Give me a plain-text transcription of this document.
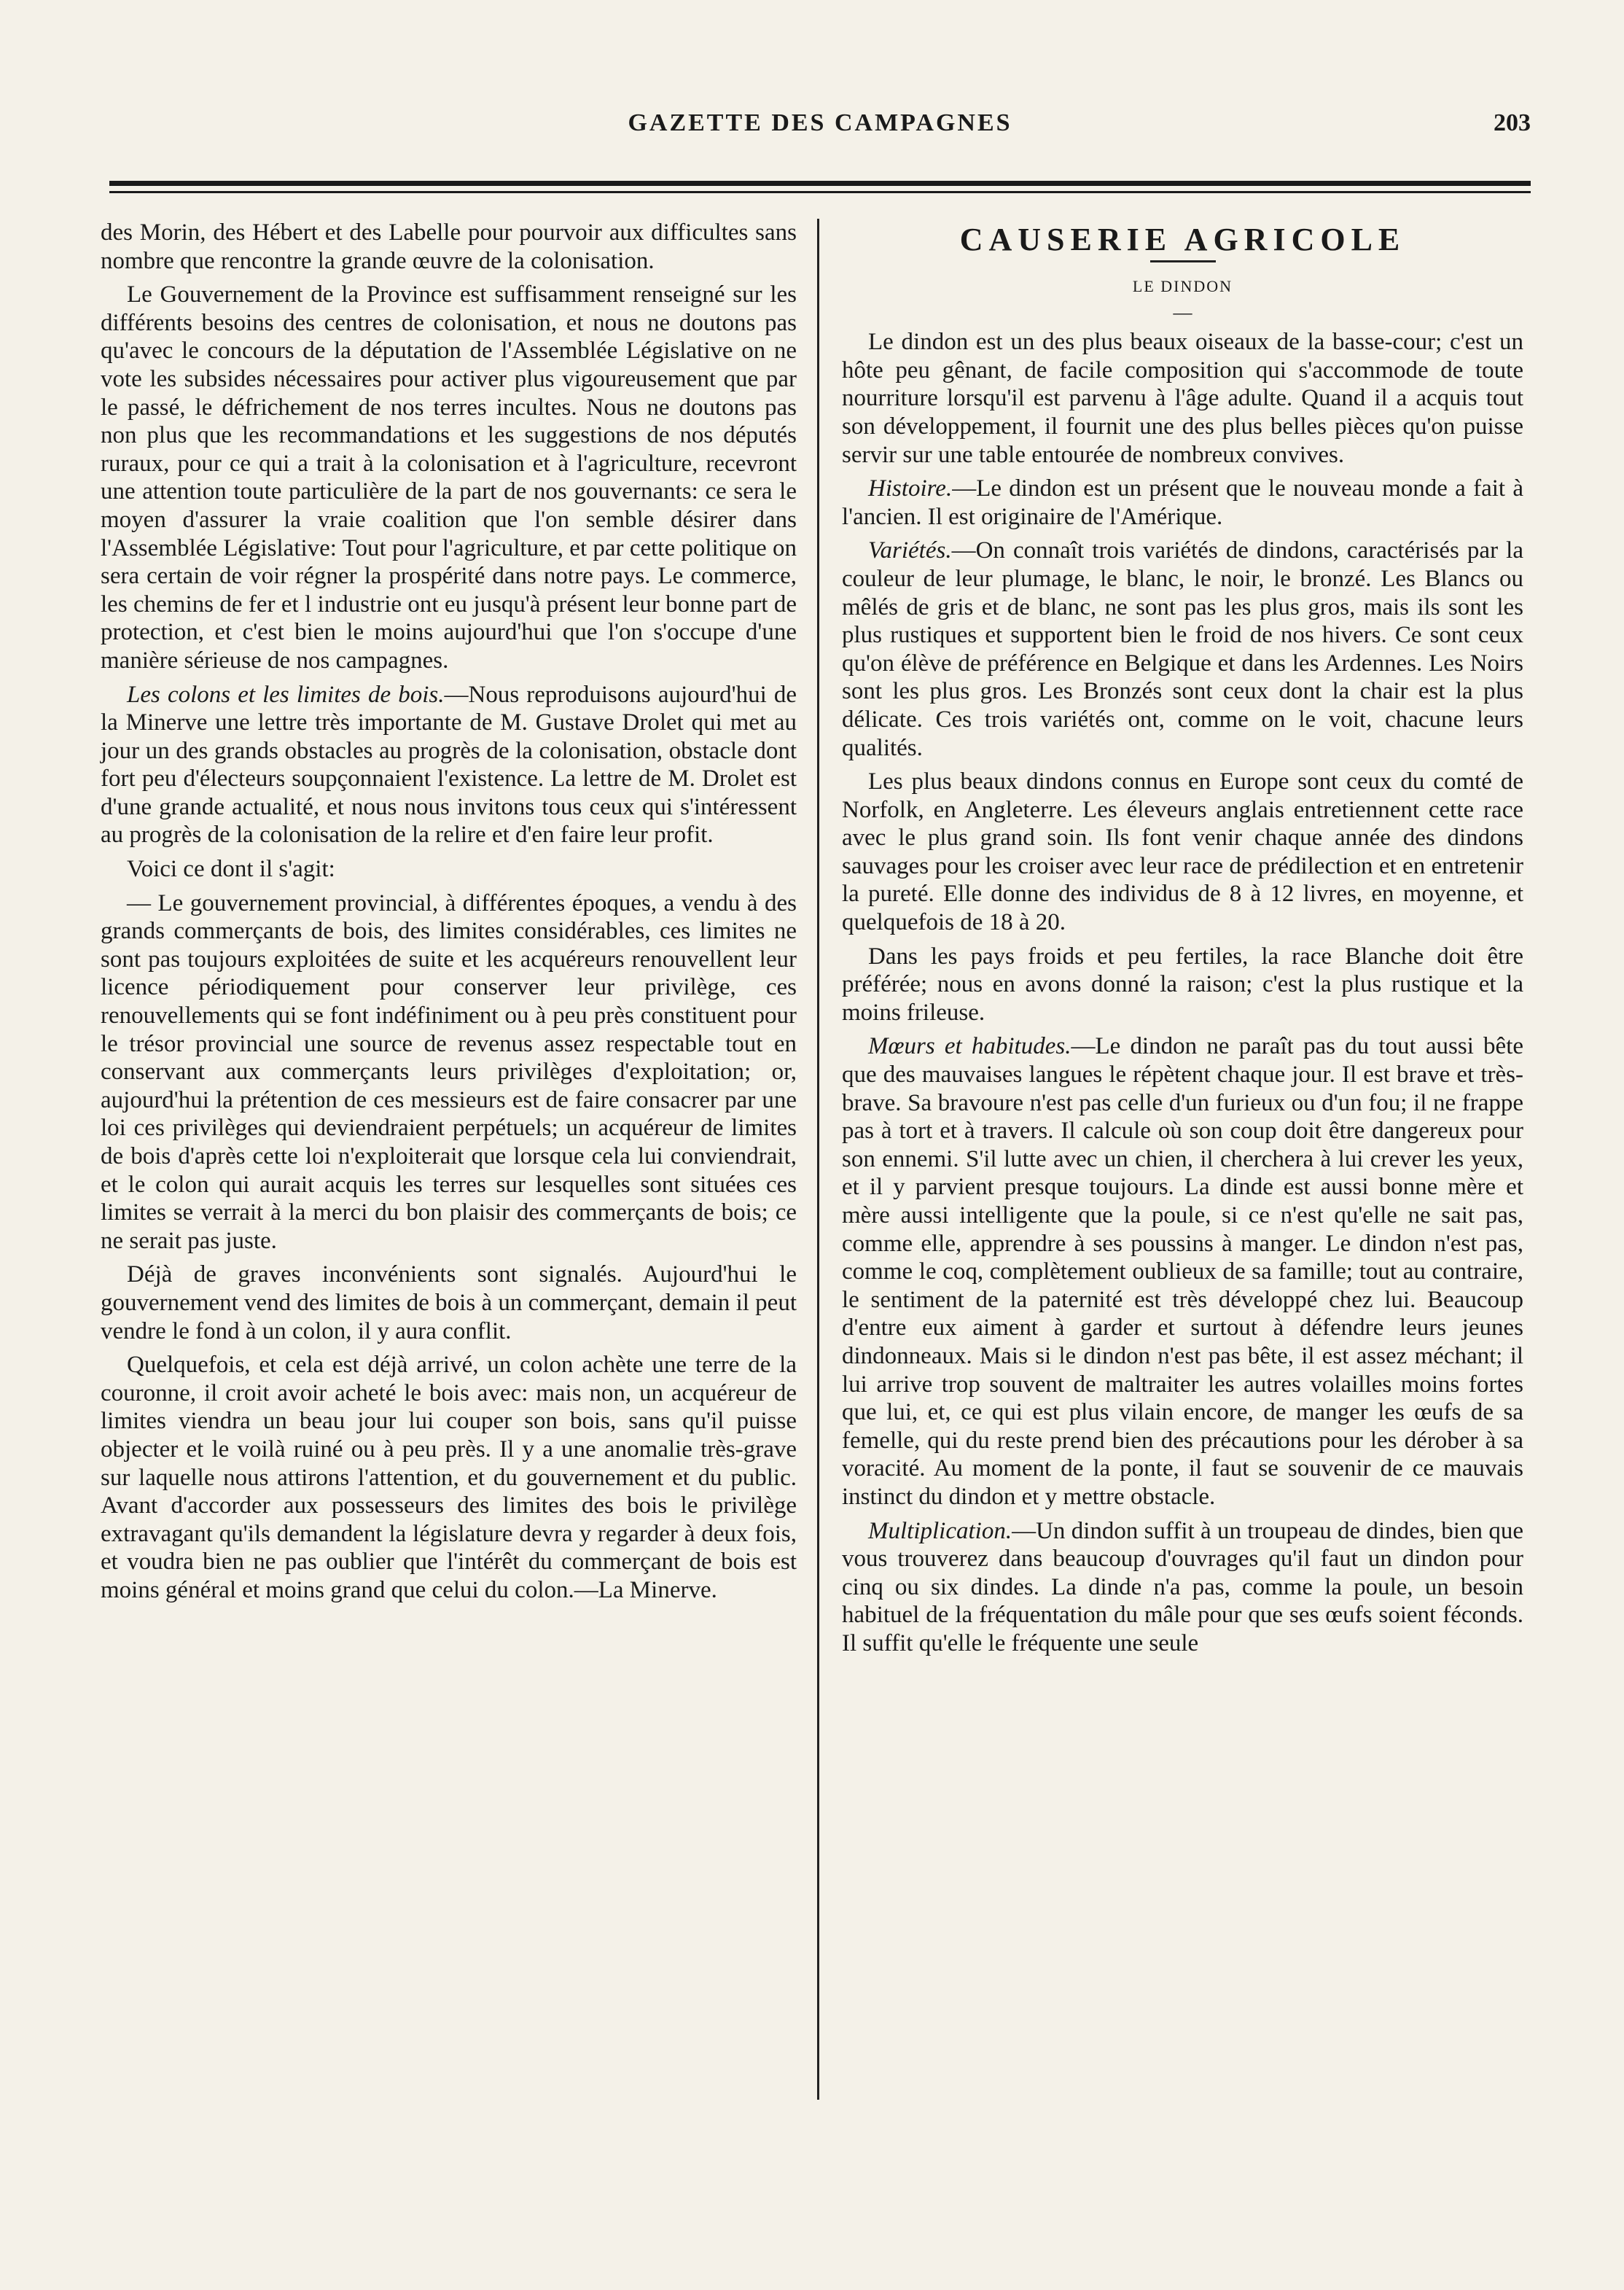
GAZETTE DES CAMPAGNES	203

des Morin, des Hébert et des Labelle pour pourvoir aux difficultes sans nombre que rencontre la grande œuvre de la colonisation.

Le Gouvernement de la Province est suffisamment renseigné sur les différents besoins des centres de colonisation, et nous ne doutons pas qu'avec le concours de la députation de l'Assemblée Législative on ne vote les subsides nécessaires pour activer plus vigoureusement que par le passé, le défrichement de nos terres incultes. Nous ne doutons pas non plus que les recommandations et les suggestions de nos députés ruraux, pour ce qui a trait à la colonisation et à l'agriculture, recevront une attention toute particulière de la part de nos gouvernants: ce sera le moyen d'assurer la vraie coalition que l'on semble désirer dans l'Assemblée Législative: Tout pour l'agriculture, et par cette politique on sera certain de voir régner la prospérité dans notre pays. Le commerce, les chemins de fer et l industrie ont eu jusqu'à présent leur bonne part de protection, et c'est bien le moins aujourd'hui que l'on s'occupe d'une manière sérieuse de nos campagnes.

Les colons et les limites de bois.—Nous reproduisons aujourd'hui de la Minerve une lettre très importante de M. Gustave Drolet qui met au jour un des grands obstacles au progrès de la colonisation, obstacle dont fort peu d'électeurs soupçonnaient l'existence. La lettre de M. Drolet est d'une grande actualité, et nous nous invitons tous ceux qui s'intéressent au progrès de la colonisation de la relire et d'en faire leur profit.

Voici ce dont il s'agit:

— Le gouvernement provincial, à différentes époques, a vendu à des grands commerçants de bois, des limites considérables, ces limites ne sont pas toujours exploitées de suite et les acquéreurs renouvellent leur licence périodiquement pour conserver leur privilège, ces renouvellements qui se font indéfiniment ou à peu près constituent pour le trésor provincial une source de revenus assez respectable tout en conservant aux commerçants leurs privilèges d'exploitation; or, aujourd'hui la prétention de ces messieurs est de faire consacrer par une loi ces privilèges qui deviendraient perpétuels; un acquéreur de limites de bois d'après cette loi n'exploiterait que lorsque cela lui conviendrait, et le colon qui aurait acquis les terres sur lesquelles sont situées ces limites se verrait à la merci du bon plaisir des commerçants de bois; ce ne serait pas juste.

Déjà de graves inconvénients sont signalés. Aujourd'hui le gouvernement vend des limites de bois à un commerçant, demain il peut vendre le fond à un colon, il y aura conflit.

Quelquefois, et cela est déjà arrivé, un colon achète une terre de la couronne, il croit avoir acheté le bois avec: mais non, un acquéreur de limites viendra un beau jour lui couper son bois, sans qu'il puisse objecter et le voilà ruiné ou à peu près. Il y a une anomalie très-grave sur laquelle nous attirons l'attention, et du gouvernement et du public. Avant d'accorder aux possesseurs des limites des bois le privilège extravagant qu'ils demandent la législature devra y regarder à deux fois, et voudra bien ne pas oublier que l'intérêt du commerçant de bois est moins général et moins grand que celui du colon.—La Minerve.

CAUSERIE AGRICOLE
LE DINDON
—

Le dindon est un des plus beaux oiseaux de la basse-cour; c'est un hôte peu gênant, de facile composition qui s'accommode de toute nourriture lorsqu'il est parvenu à l'âge adulte. Quand il a acquis tout son développement, il fournit une des plus belles pièces qu'on puisse servir sur une table entourée de nombreux convives.

Histoire.—Le dindon est un présent que le nouveau monde a fait à l'ancien. Il est originaire de l'Amérique.

Variétés.—On connaît trois variétés de dindons, caractérisés par la couleur de leur plumage, le blanc, le noir, le bronzé. Les Blancs ou mêlés de gris et de blanc, ne sont pas les plus gros, mais ils sont les plus rustiques et supportent bien le froid de nos hivers. Ce sont ceux qu'on élève de préférence en Belgique et dans les Ardennes. Les Noirs sont les plus gros. Les Bronzés sont ceux dont la chair est la plus délicate. Ces trois variétés ont, comme on le voit, chacune leurs qualités.

Les plus beaux dindons connus en Europe sont ceux du comté de Norfolk, en Angleterre. Les éleveurs anglais entretiennent cette race avec le plus grand soin. Ils font venir chaque année des dindons sauvages pour les croiser avec leur race de prédilection et en entretenir la pureté. Elle donne des individus de 8 à 12 livres, en moyenne, et quelquefois de 18 à 20.

Dans les pays froids et peu fertiles, la race Blanche doit être préférée; nous en avons donné la raison; c'est la plus rustique et la moins frileuse.

Mœurs et habitudes.—Le dindon ne paraît pas du tout aussi bête que des mauvaises langues le répètent chaque jour. Il est brave et très-brave. Sa bravoure n'est pas celle d'un furieux ou d'un fou; il ne frappe pas à tort et à travers. Il calcule où son coup doit être dangereux pour son ennemi. S'il lutte avec un chien, il cherchera à lui crever les yeux, et il y parvient presque toujours. La dinde est aussi bonne mère et mère aussi intelligente que la poule, si ce n'est qu'elle ne sait pas, comme elle, apprendre à ses poussins à manger. Le dindon n'est pas, comme le coq, complètement oublieux de sa famille; tout au contraire, le sentiment de la paternité est très développé chez lui. Beaucoup d'entre eux aiment à garder et surtout à défendre leurs jeunes dindonneaux. Mais si le dindon n'est pas bête, il est assez méchant; il lui arrive trop souvent de maltraiter les autres volailles moins fortes que lui, et, ce qui est plus vilain encore, de manger les œufs de sa femelle, qui du reste prend bien des précautions pour les dérober à sa voracité. Au moment de la ponte, il faut se souvenir de ce mauvais instinct du dindon et y mettre obstacle.

Multiplication.—Un dindon suffit à un troupeau de dindes, bien que vous trouverez dans beaucoup d'ouvrages qu'il faut un dindon pour cinq ou six dindes. La dinde n'a pas, comme la poule, un besoin habituel de la fréquentation du mâle pour que ses œufs soient féconds. Il suffit qu'elle le fréquente une seule
